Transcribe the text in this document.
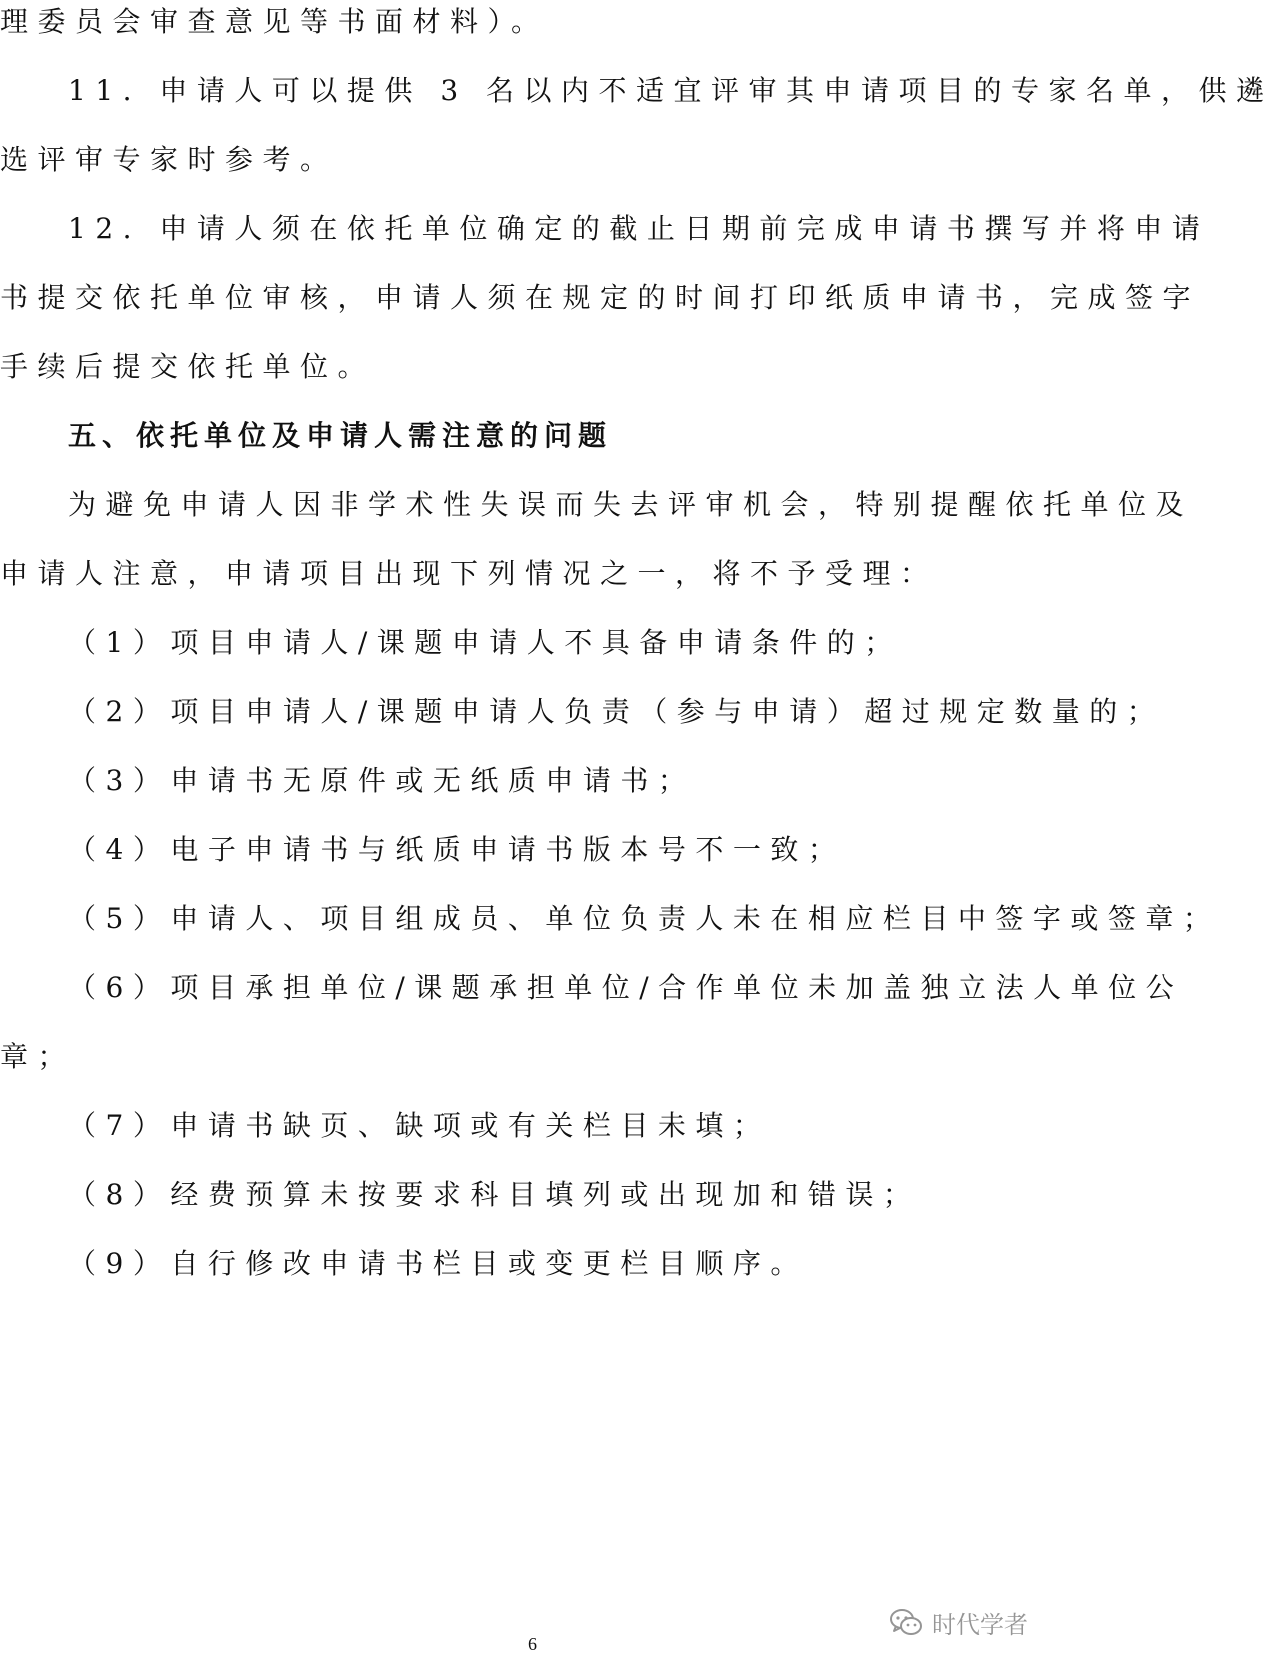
理委员会审查意见等书面材料）。
11. 申请人可以提供 3 名以内不适宜评审其申请项目的专家名单，供遴
选评审专家时参考。
12. 申请人须在依托单位确定的截止日期前完成申请书撰写并将申请
书提交依托单位审核，申请人须在规定的时间打印纸质申请书，完成签字
手续后提交依托单位。
五、依托单位及申请人需注意的问题
为避免申请人因非学术性失误而失去评审机会，特别提醒依托单位及
申请人注意，申请项目出现下列情况之一，将不予受理：
（1）项目申请人/课题申请人不具备申请条件的；
（2）项目申请人/课题申请人负责（参与申请）超过规定数量的；
（3）申请书无原件或无纸质申请书；
（4）电子申请书与纸质申请书版本号不一致；
（5）申请人、项目组成员、单位负责人未在相应栏目中签字或签章；
（6）项目承担单位/课题承担单位/合作单位未加盖独立法人单位公
章；
（7）申请书缺页、缺项或有关栏目未填；
（8）经费预算未按要求科目填列或出现加和错误；
（9）自行修改申请书栏目或变更栏目顺序。
时代学者
6
